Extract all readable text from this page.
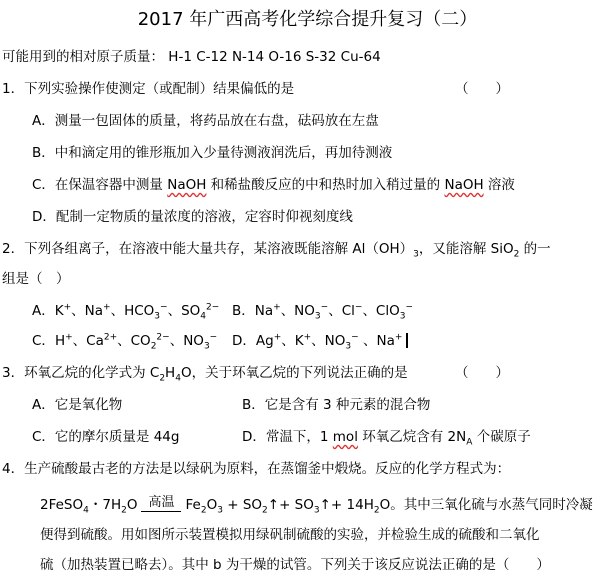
2017 年广西高考化学综合提升复习（二）
可能用到的相对原子质量： H-1 C-12 N-14 O-16 S-32 Cu-64
1．下列实验操作使测定（或配制）结果偏低的是	（　　）
A．测量一包固体的质量，将药品放在右盘，砝码放在左盘
B．中和滴定用的锥形瓶加入少量待测液润洗后，再加待测液
C．在保温容器中测量 NaOH 和稀盐酸反应的中和热时加入稍过量的 NaOH 溶液
D．配制一定物质的量浓度的溶液，定容时仰视刻度线
2．下列各组离子，在溶液中能大量共存，某溶液既能溶解 $Al(OH)_3$，又能溶解 SiO$_2$ 的一
组是（　）
A．K+、Na+、$HCO_3^-$、$SO_4^{2-}$ B．Na+、$NO_3^-$、Cl−、ClO$_3$−
C．H+、$Ca^{2+}$、$CO_2^{2-}$、$NO_3^-$ D．Ag+、K+、$NO_3^-$ 、Na+
3．环氧乙烷的化学式为 $C_2H_4O$，关于环氧乙烷的下列说法正确的是	（　　）
A．它是氧化物	B．它是含有 3 种元素的混合物
C．它的摩尔质量是 44g	D．常温下，1 mol 环氧乙烷含有 $2N_A$ 个碳原子
4．生产硫酸最古老的方法是以绿矾为原料，在蒸馏釜中煅烧。反应的化学方程式为：
2FeSO$_4$・$7H_2O$ 高温 $Fe_2O_3$ + $SO_2↑+$ $SO_3↑+ 14H_2O$。其中三氧化硫与水蒸气同时冷凝
便得到硫酸。用如图所示装置模拟用绿矾制硫酸的实验，并检验生成的硫酸和二氧化
硫（加热装置已略去）。其中 b 为干燥的试管。下列关于该反应说法正确的是（　　）
